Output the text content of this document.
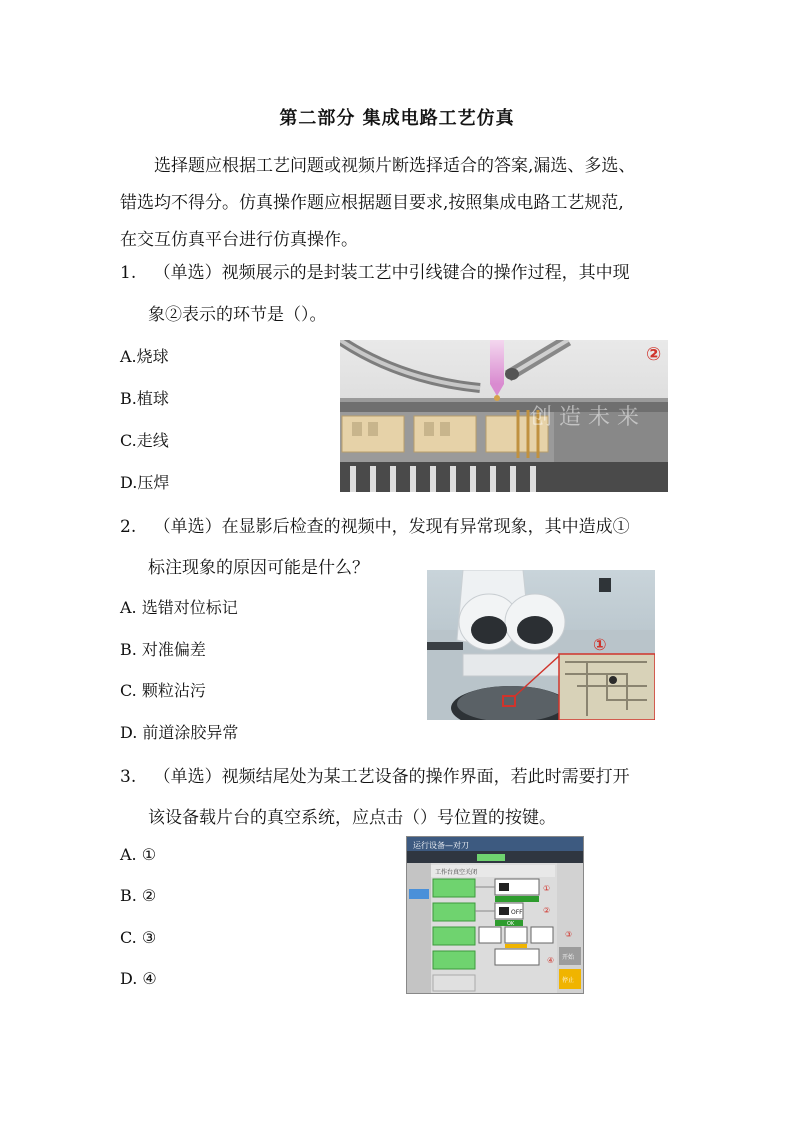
第二部分 集成电路工艺仿真

选择题应根据工艺问题或视频片断选择适合的答案,漏选、多选、

错选均不得分。仿真操作题应根据题目要求,按照集成电路工艺规范,

在交互仿真平台进行仿真操作。

1. （单选）视频展示的是封装工艺中引线键合的操作过程，其中现
象②表示的环节是（）。
A.烧球
B.植球
C.走线
D.压焊
创 造 未 来
②
2. （单选）在显影后检查的视频中，发现有异常现象，其中造成①
标注现象的原因可能是什么？
A. 选错对位标记
B. 对准偏差
C. 颗粒沾污
D. 前道涂胶异常
①
3. （单选）视频结尾处为某工艺设备的操作界面，若此时需要打开
该设备载片台的真空系统，应点击（）号位置的按键。
A. ①
B. ②
C. ③
D. ④
运行设备—对刀
开始
停止
工作台真空关闭
OFF
OK
①
②
③
④
